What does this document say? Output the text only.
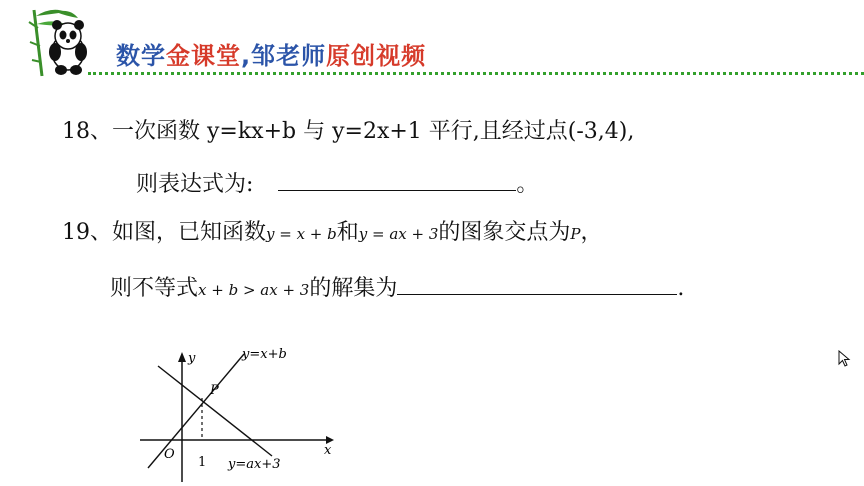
数学金课堂,邹老师原创视频
18、一次函数 y=kx+b 与 y=2x+1 平行,且经过点(-3,4),
则表达式为:	。
19、如图，已知函数y = x + b和y = ax + 3的图象交点为P，
则不等式x + b > ax + 3的解集为	.
y
x
O
1
P
y=x+b
y=ax+3
